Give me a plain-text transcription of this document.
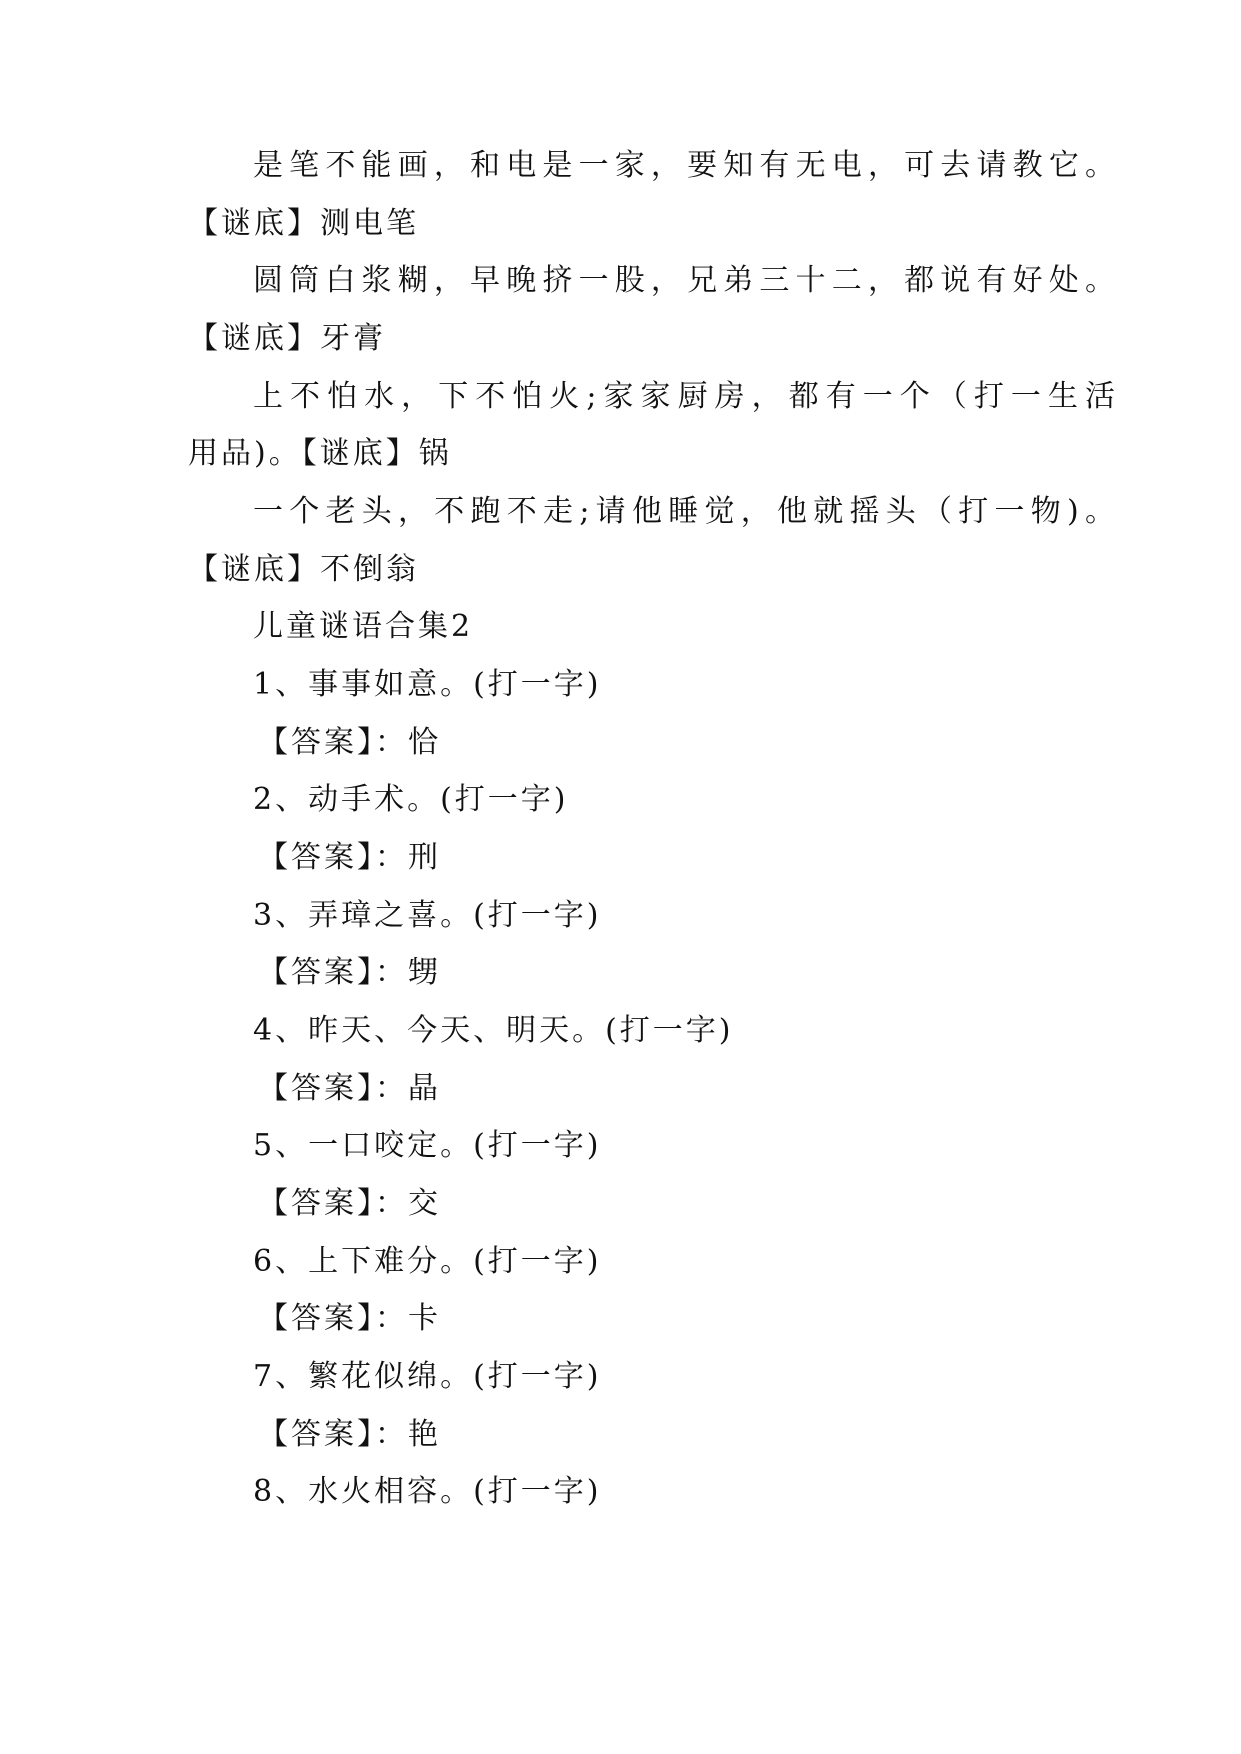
是笔不能画，和电是一家，要知有无电，可去请教它。
【谜底】测电笔
圆筒白浆糊，早晚挤一股，兄弟三十二，都说有好处。
【谜底】牙膏
上不怕水，下不怕火;家家厨房，都有一个（打一生活
用品)。【谜底】锅
一个老头，不跑不走;请他睡觉，他就摇头（打一物)。
【谜底】不倒翁
儿童谜语合集2
1、事事如意。(打一字)
【答案】：恰
2、动手术。(打一字)
【答案】：刑
3、弄璋之喜。(打一字)
【答案】：甥
4、昨天、今天、明天。(打一字)
【答案】：晶
5、一口咬定。(打一字)
【答案】：交
6、上下难分。(打一字)
【答案】：卡
7、繁花似绵。(打一字)
【答案】：艳
8、水火相容。(打一字)
